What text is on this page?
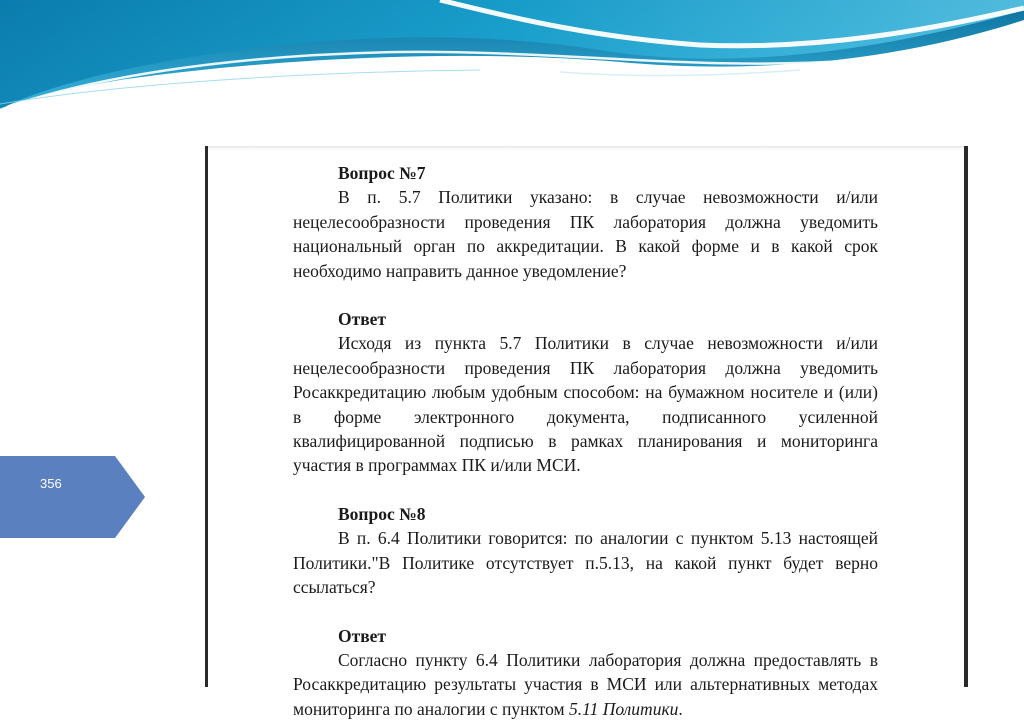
356
Вопрос №7
В п. 5.7 Политики указано: в случае невозможности и/или нецелесообразности проведения ПК лаборатория должна уведомить национальный орган по аккредитации. В какой форме и в какой срок необходимо направить данное уведомление?
Ответ
Исходя из пункта 5.7 Политики в случае невозможности и/или нецелесообразности проведения ПК лаборатория должна уведомить Росаккредитацию любым удобным способом: на бумажном носителе и (или) в форме электронного документа, подписанного усиленной квалифицированной подписью в рамках планирования и мониторинга участия в программах ПК и/или МСИ.
Вопрос №8
В п. 6.4 Политики говорится: по аналогии с пунктом 5.13 настоящей Политики."В Политике отсутствует п.5.13, на какой пункт будет верно ссылаться?
Ответ
Согласно пункту 6.4 Политики лаборатория должна предоставлять в Росаккредитацию результаты участия в МСИ или альтернативных методах мониторинга по аналогии с пунктом 5.11 Политики.
